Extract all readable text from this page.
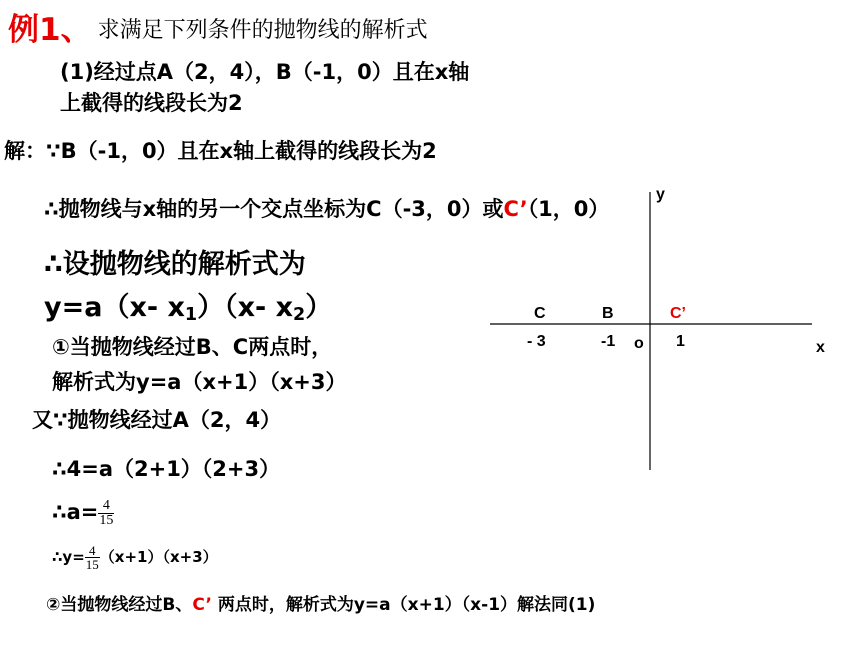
例1、 求满足下列条件的抛物线的解析式
(1)经过点A（2，4），B（-1，0）且在x轴
上截得的线段长为2
解：∵B（-1，0）且在x轴上截得的线段长为2
∴抛物线与x轴的另一个交点坐标为C（-3，0）或C’（1，0）
∴设抛物线的解析式为
y=a（x- $x_1)(x-$ $x_2$）
①当抛物线经过B、C两点时，
解析式为y=a（x+1）（x+3）
又∵抛物线经过A（2，4）
∴4=a（2+1）（2+3）
∴a= $\frac{4}{15}$
∴y= $\frac{4}{15} (x+1)(x+3)$
②当抛物线经过B、C’ 两点时，解析式为y=a（x+1）（x-1）解法同(1)
y
x
C	B	C’
- 3	-1 o 1
